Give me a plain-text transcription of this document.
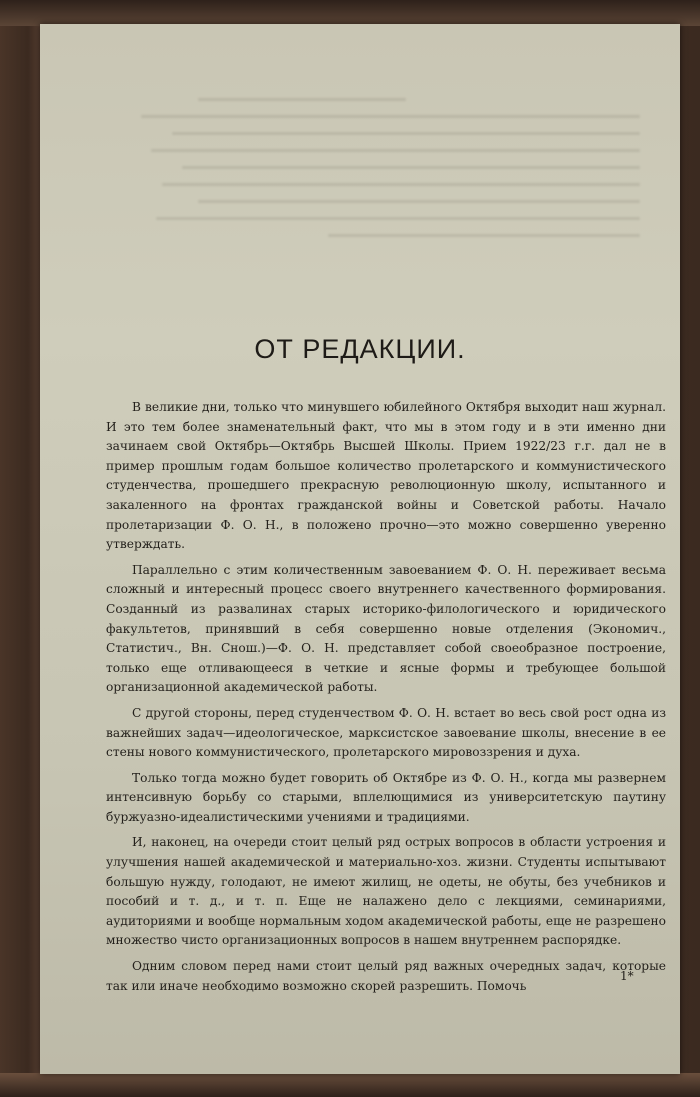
ОТ РЕДАКЦИИ.

В великие дни, только что минувшего юбилейного Октября выходит наш журнал. И это тем более знаменательный факт, что мы в этом году и в эти именно дни зачинаем свой Октябрь—Октябрь Высшей Школы. Прием 1922/23 г.г. дал не в пример прошлым годам большое количество пролетарского и коммунистического студенчества, прошедшего прекрасную революционную школу, испытанного и закаленного на фронтах гражданской войны и Советской работы. Начало пролетаризации Ф. О. Н., в положено прочно—это можно совершенно уверенно утверждать.

Параллельно с этим количественным завоеванием Ф. О. Н. переживает весьма сложный и интересный процесс своего внутреннего качественного формирования. Созданный из развалинах старых историко-филологического и юридического факультетов, принявший в себя совершенно новые отделения (Экономич., Статистич., Вн. Снош.)—Ф. О. Н. представляет собой своеобразное построение, только еще отливающееся в четкие и ясные формы и требующее большой организационной академической работы.

С другой стороны, перед студенчеством Ф. О. Н. встает во весь свой рост одна из важнейших задач—идеологическое, марксистское завоевание школы, внесение в ее стены нового коммунистического, пролетарского мировоззрения и духа.

Только тогда можно будет говорить об Октябре из Ф. О. Н., когда мы развернем интенсивную борьбу со старыми, вплелющимися из университетскую паутину буржуазно-идеалистическими учениями и традициями.

И, наконец, на очереди стоит целый ряд острых вопросов в области устроения и улучшения нашей академической и материально-хоз. жизни. Студенты испытывают большую нужду, голодают, не имеют жилищ, не одеты, не обуты, без учебников и пособий и т. д., и т. п. Еще не налажено дело с лекциями, семинариями, аудиториями и вообще нормальным ходом академической работы, еще не разрешено множество чисто организационных вопросов в нашем внутреннем распорядке.

Одним словом перед нами стоит целый ряд важных очередных задач, которые так или иначе необходимо возможно скорей разрешить. Помочь

1*
